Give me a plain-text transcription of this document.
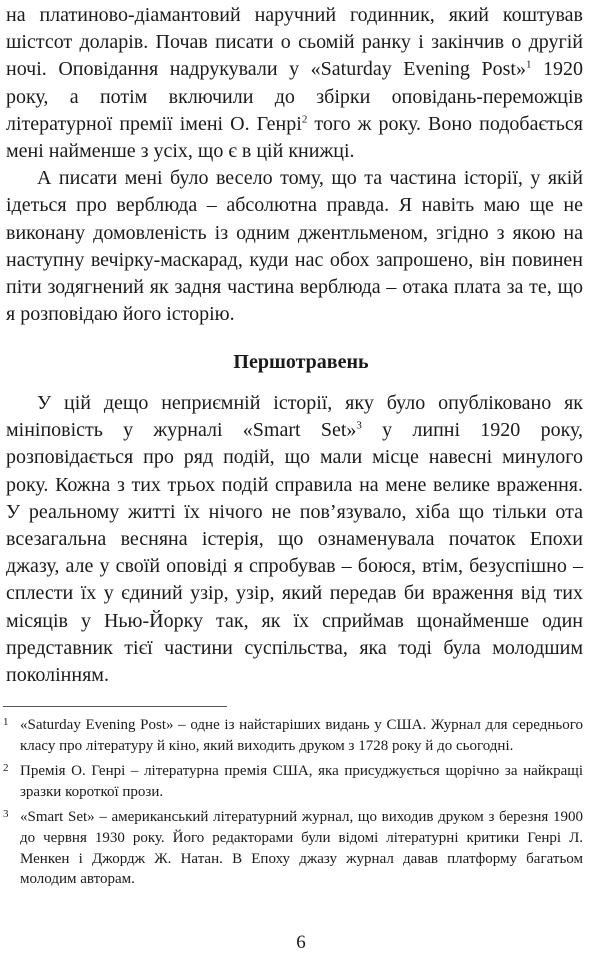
на платиново-діамантовий наручний годинник, який коштував шістсот доларів. Почав писати о сьомій ранку і закінчив о другій ночі. Оповідання надрукували у «Saturday Evening Post»$^1$ 1920 року, а потім включили до збірки оповідань-переможців літературної премії імені О. Генрі$^2$ того ж року. Воно подобається мені найменше з усіх, що є в цій книжці.

А писати мені було весело тому, що та частина історії, у якій ідеться про верблюда – абсолютна правда. Я навіть маю ще не виконану домовленість із одним джентльменом, згідно з якою на наступну вечірку-маскарад, куди нас обох запрошено, він повинен піти зодягнений як задня частина верблюда – отака плата за те, що я розповідаю його історію.

Першотравень

У цій дещо неприємній історії, яку було опубліковано як мініповість у журналі «Smart Set»$^3$ у липні 1920 року, розповідається про ряд подій, що мали місце навесні минулого року. Кожна з тих трьох подій справила на мене велике враження. У реальному житті їх нічого не пов’язувало, хіба що тільки ота всезагальна весняна істерія, що ознаменувала початок Епохи джазу, але у своїй оповіді я спробував – боюся, втім, безуспішно – сплести їх у єдиний узір, узір, який передав би враження від тих місяців у Нью-Йорку так, як їх сприймав щонайменше один представник тієї частини суспільства, яка тоді була молодшим поколінням.

1 «Saturday Evening Post» – одне із найстаріших видань у США. Журнал для середнього класу про літературу й кіно, який виходить друком з 1728 року й до сьогодні.
2 Премія О. Генрі – літературна премія США, яка присуджується щорічно за найкращі зразки короткої прози.
3 «Smart Set» – американський літературний журнал, що виходив друком з березня 1900 до червня 1930 року. Його редакторами були відомі літературні критики Генрі Л. Менкен і Джордж Ж. Натан. В Епоху джазу журнал давав платформу багатьом молодим авторам.
6
